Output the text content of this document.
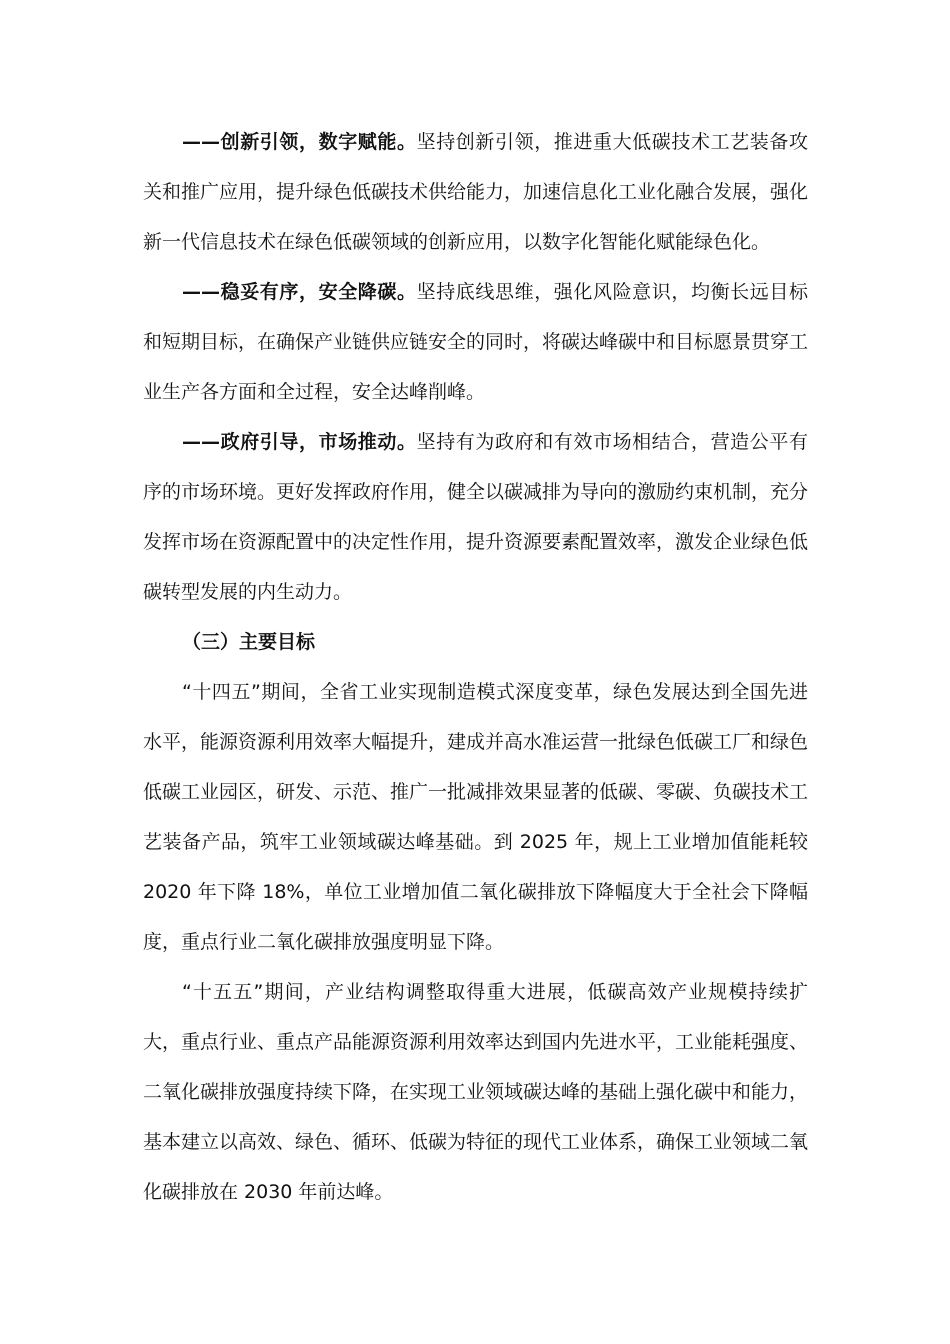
——创新引领，数字赋能。坚持创新引领，推进重大低碳技术工艺装备攻关和推广应用，提升绿色低碳技术供给能力，加速信息化工业化融合发展，强化新一代信息技术在绿色低碳领域的创新应用，以数字化智能化赋能绿色化。

——稳妥有序，安全降碳。坚持底线思维，强化风险意识，均衡长远目标和短期目标，在确保产业链供应链安全的同时，将碳达峰碳中和目标愿景贯穿工业生产各方面和全过程，安全达峰削峰。

——政府引导，市场推动。坚持有为政府和有效市场相结合，营造公平有序的市场环境。更好发挥政府作用，健全以碳减排为导向的激励约束机制，充分发挥市场在资源配置中的决定性作用，提升资源要素配置效率，激发企业绿色低碳转型发展的内生动力。

（三）主要目标

“十四五”期间，全省工业实现制造模式深度变革，绿色发展达到全国先进水平，能源资源利用效率大幅提升，建成并高水准运营一批绿色低碳工厂和绿色低碳工业园区，研发、示范、推广一批减排效果显著的低碳、零碳、负碳技术工艺装备产品，筑牢工业领域碳达峰基础。到 2025 年，规上工业增加值能耗较 2020 年下降 18%，单位工业增加值二氧化碳排放下降幅度大于全社会下降幅度，重点行业二氧化碳排放强度明显下降。

“十五五”期间，产业结构调整取得重大进展，低碳高效产业规模持续扩大，重点行业、重点产品能源资源利用效率达到国内先进水平，工业能耗强度、二氧化碳排放强度持续下降，在实现工业领域碳达峰的基础上强化碳中和能力，基本建立以高效、绿色、循环、低碳为特征的现代工业体系，确保工业领域二氧化碳排放在 2030 年前达峰。
